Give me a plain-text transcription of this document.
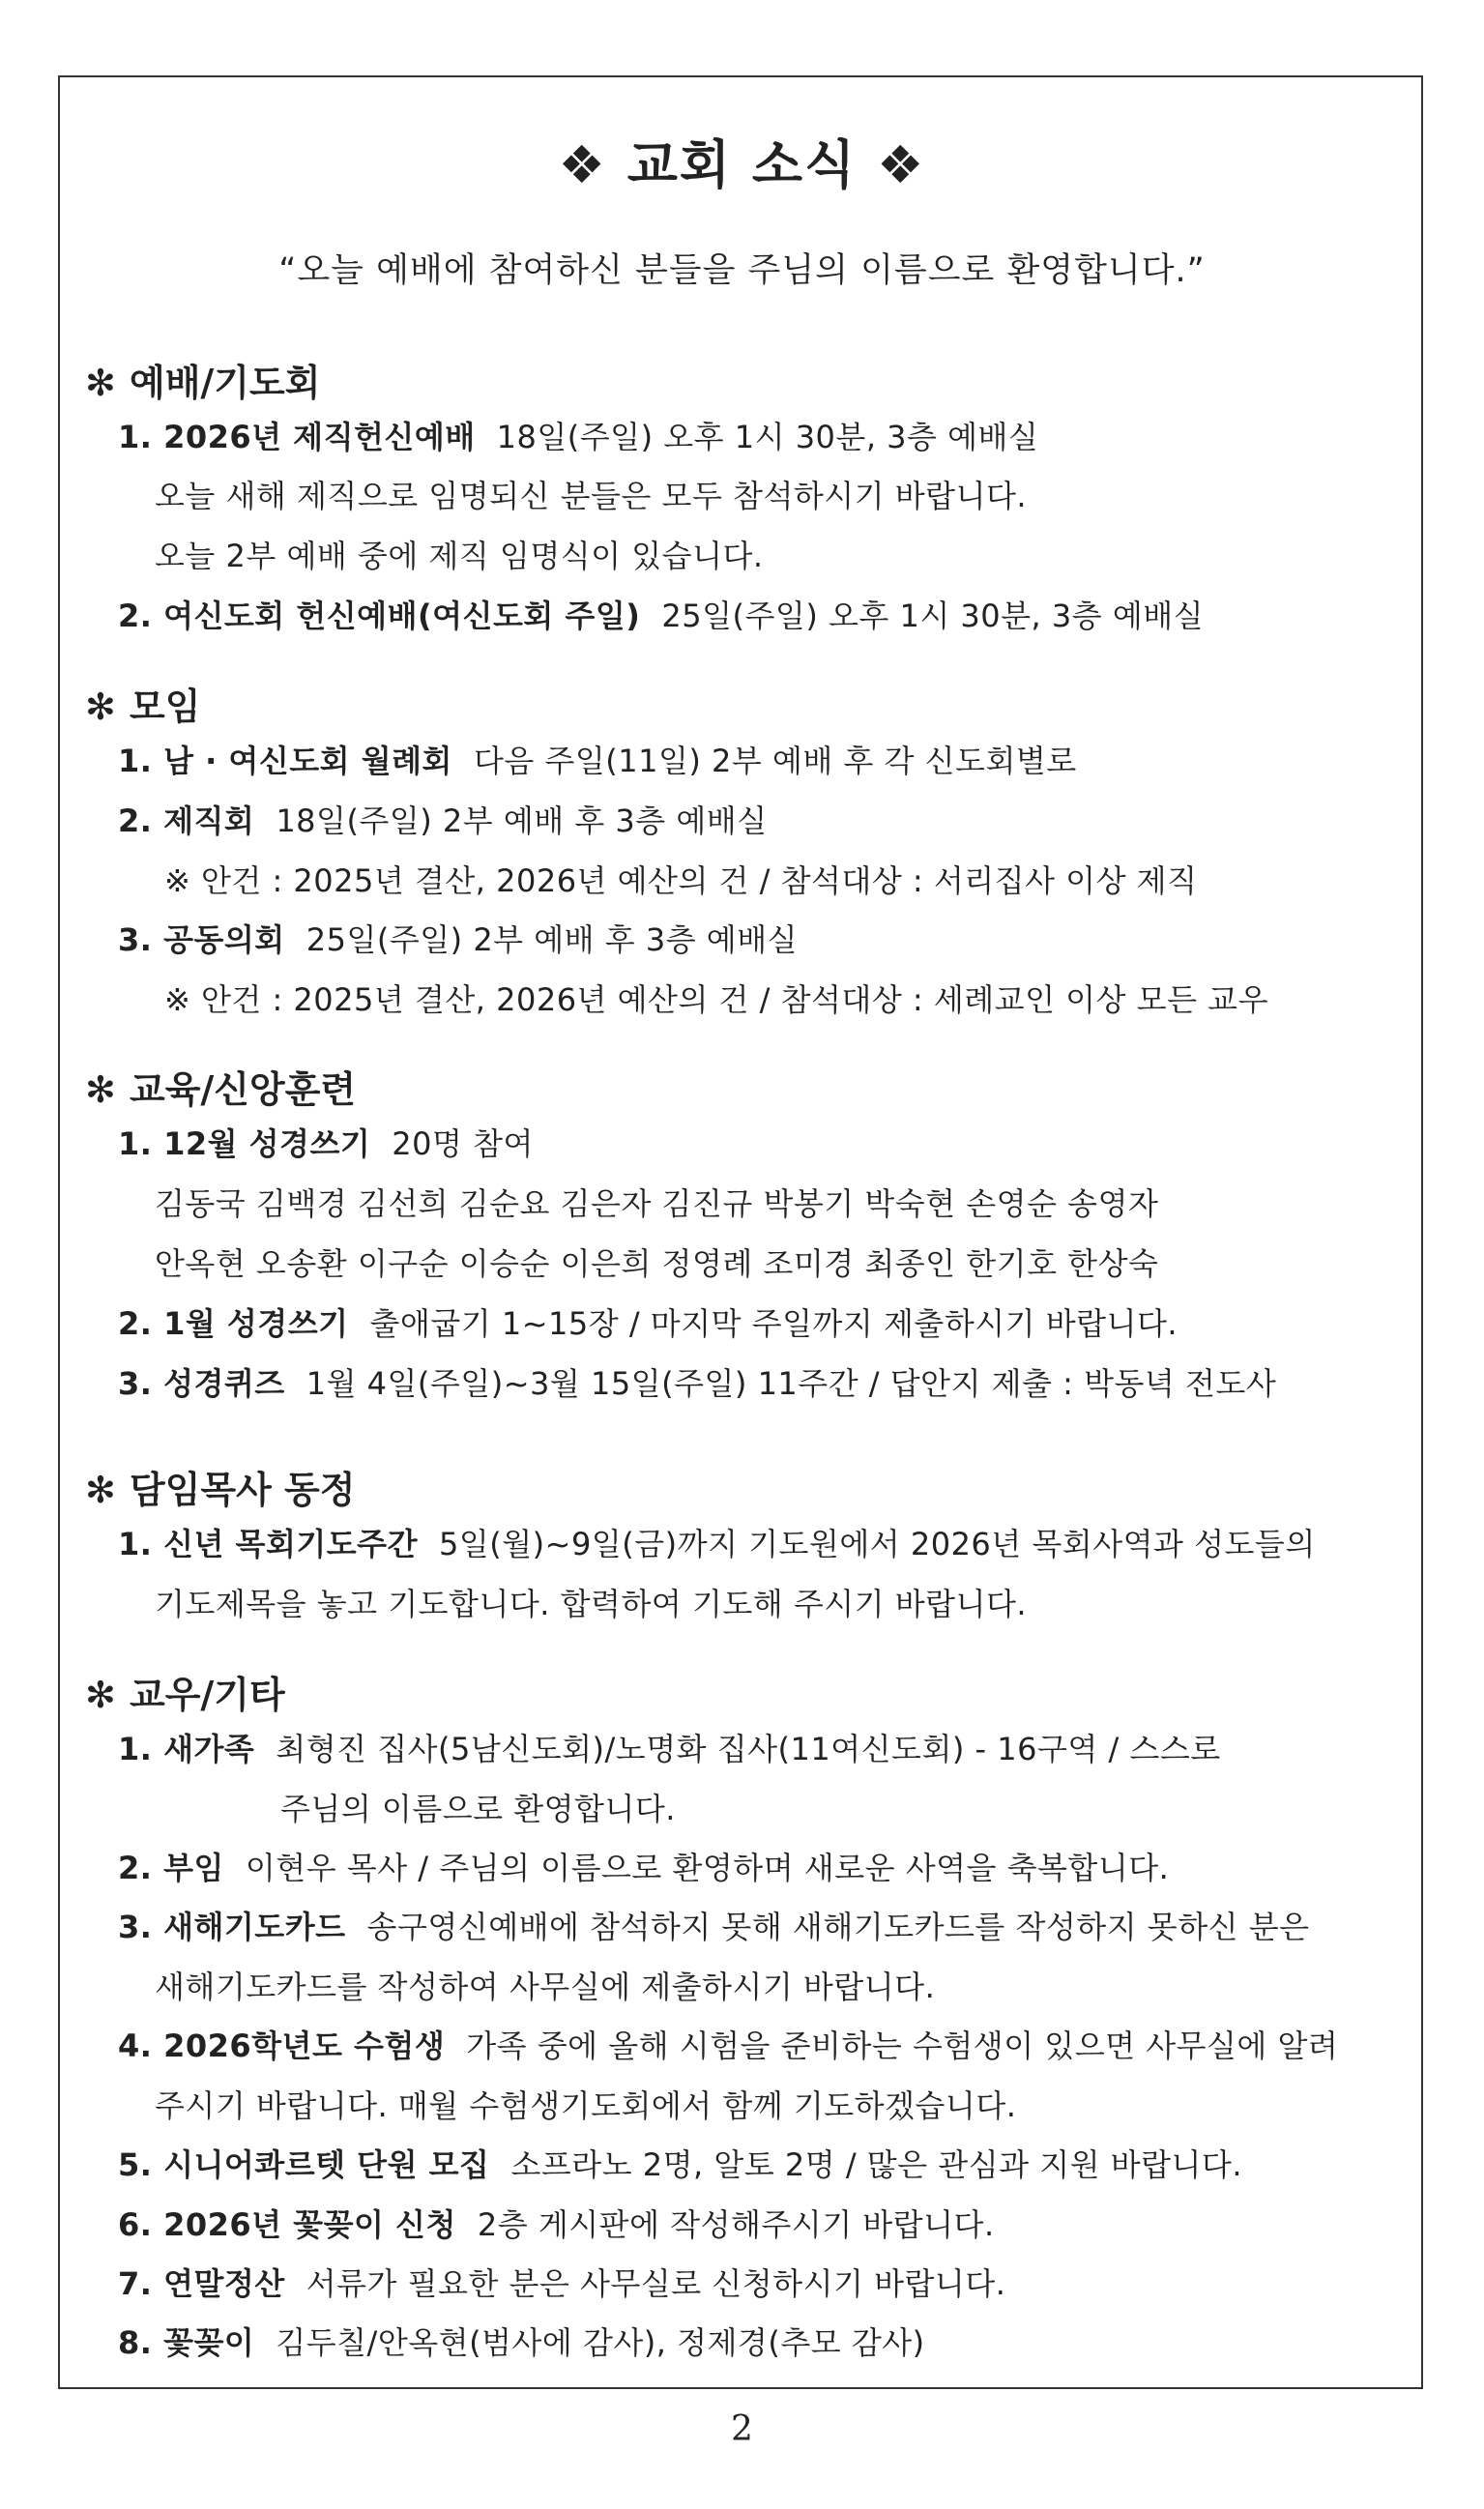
❖ 교회 소식 ❖
“오늘 예배에 참여하신 분들을 주님의 이름으로 환영합니다.”
✻ 예배/기도회
1. 2026년 제직헌신예배 18일(주일) 오후 1시 30분, 3층 예배실
오늘 새해 제직으로 임명되신 분들은 모두 참석하시기 바랍니다.
오늘 2부 예배 중에 제직 임명식이 있습니다.
2. 여신도회 헌신예배(여신도회 주일) 25일(주일) 오후 1시 30분, 3층 예배실
✻ 모임
1. 남 · 여신도회 월례회 다음 주일(11일) 2부 예배 후 각 신도회별로
2. 제직회 18일(주일) 2부 예배 후 3층 예배실
※ 안건 : 2025년 결산, 2026년 예산의 건 / 참석대상 : 서리집사 이상 제직
3. 공동의회 25일(주일) 2부 예배 후 3층 예배실
※ 안건 : 2025년 결산, 2026년 예산의 건 / 참석대상 : 세례교인 이상 모든 교우
✻ 교육/신앙훈련
1. 12월 성경쓰기 20명 참여
김동국 김백경 김선희 김순요 김은자 김진규 박봉기 박숙현 손영순 송영자
안옥현 오송환 이구순 이승순 이은희 정영례 조미경 최종인 한기호 한상숙
2. 1월 성경쓰기 출애굽기 1~15장 / 마지막 주일까지 제출하시기 바랍니다.
3. 성경퀴즈 1월 4일(주일)~3월 15일(주일) 11주간 / 답안지 제출 : 박동녁 전도사
✻ 담임목사 동정
1. 신년 목회기도주간 5일(월)~9일(금)까지 기도원에서 2026년 목회사역과 성도들의
기도제목을 놓고 기도합니다. 합력하여 기도해 주시기 바랍니다.
✻ 교우/기타
1. 새가족 최형진 집사(5남신도회)/노명화 집사(11여신도회) - 16구역 / 스스로
주님의 이름으로 환영합니다.
2. 부임 이현우 목사 / 주님의 이름으로 환영하며 새로운 사역을 축복합니다.
3. 새해기도카드 송구영신예배에 참석하지 못해 새해기도카드를 작성하지 못하신 분은
새해기도카드를 작성하여 사무실에 제출하시기 바랍니다.
4. 2026학년도 수험생 가족 중에 올해 시험을 준비하는 수험생이 있으면 사무실에 알려
주시기 바랍니다. 매월 수험생기도회에서 함께 기도하겠습니다.
5. 시니어콰르텟 단원 모집 소프라노 2명, 알토 2명 / 많은 관심과 지원 바랍니다.
6. 2026년 꽃꽂이 신청 2층 게시판에 작성해주시기 바랍니다.
7. 연말정산 서류가 필요한 분은 사무실로 신청하시기 바랍니다.
8. 꽃꽂이 김두칠/안옥현(범사에 감사), 정제경(추모 감사)
2
